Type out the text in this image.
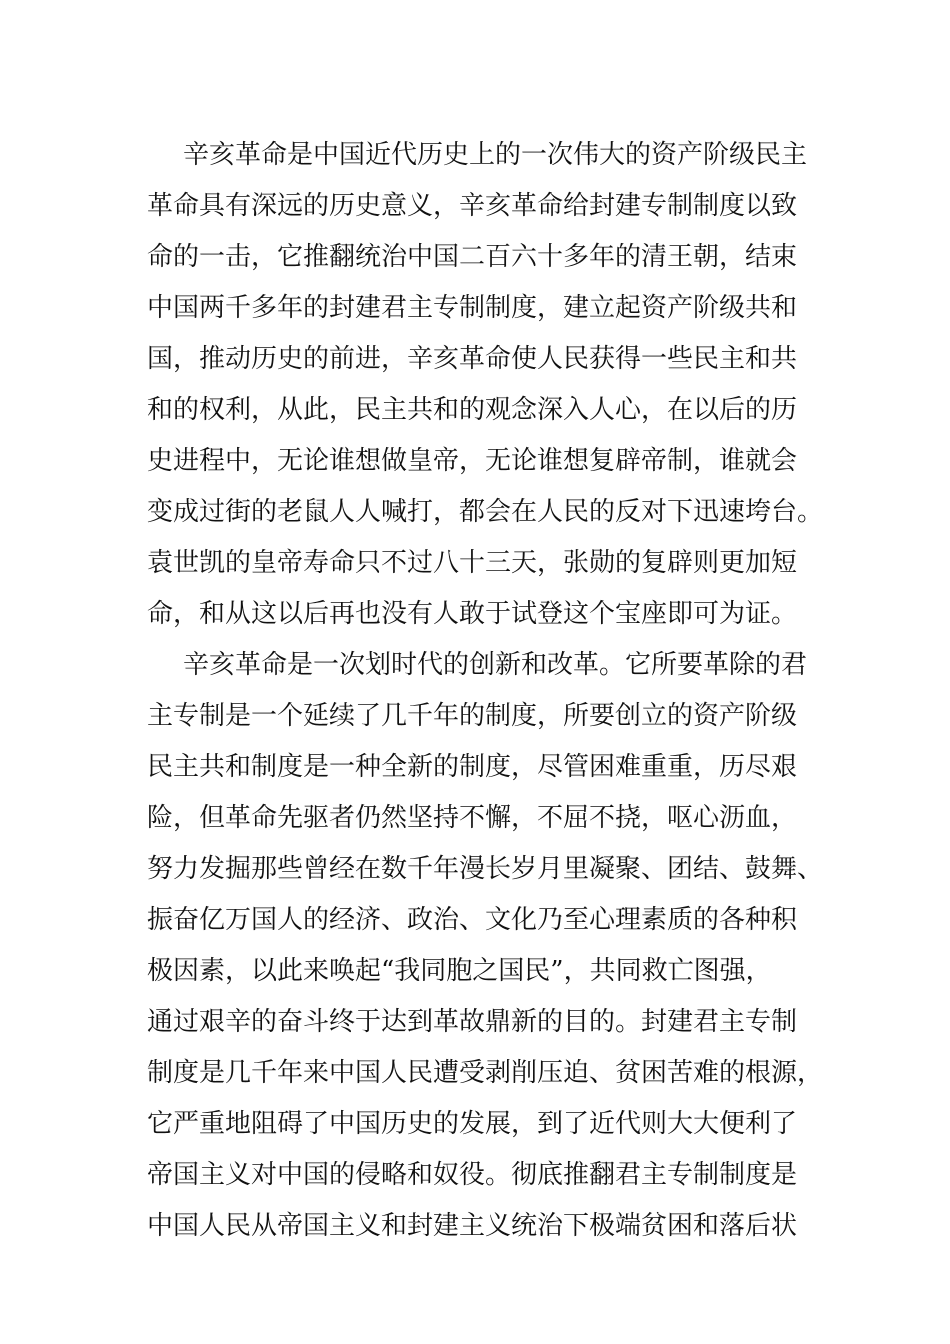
辛亥革命是中国近代历史上的一次伟大的资产阶级民主
革命具有深远的历史意义，辛亥革命给封建专制制度以致
命的一击，它推翻统治中国二百六十多年的清王朝，结束
中国两千多年的封建君主专制制度，建立起资产阶级共和
国，推动历史的前进，辛亥革命使人民获得一些民主和共
和的权利，从此，民主共和的观念深入人心，在以后的历
史进程中，无论谁想做皇帝，无论谁想复辟帝制，谁就会
变成过街的老鼠人人喊打，都会在人民的反对下迅速垮台。
袁世凯的皇帝寿命只不过八十三天，张勋的复辟则更加短
命，和从这以后再也没有人敢于试登这个宝座即可为证。
辛亥革命是一次划时代的创新和改革。它所要革除的君
主专制是一个延续了几千年的制度，所要创立的资产阶级
民主共和制度是一种全新的制度，尽管困难重重，历尽艰
险，但革命先驱者仍然坚持不懈，不屈不挠，呕心沥血，
努力发掘那些曾经在数千年漫长岁月里凝聚、团结、鼓舞、
振奋亿万国人的经济、政治、文化乃至心理素质的各种积
极因素，以此来唤起“我同胞之国民”，共同救亡图强，
通过艰辛的奋斗终于达到革故鼎新的目的。封建君主专制
制度是几千年来中国人民遭受剥削压迫、贫困苦难的根源，
它严重地阻碍了中国历史的发展，到了近代则大大便利了
帝国主义对中国的侵略和奴役。彻底推翻君主专制制度是
中国人民从帝国主义和封建主义统治下极端贫困和落后状
